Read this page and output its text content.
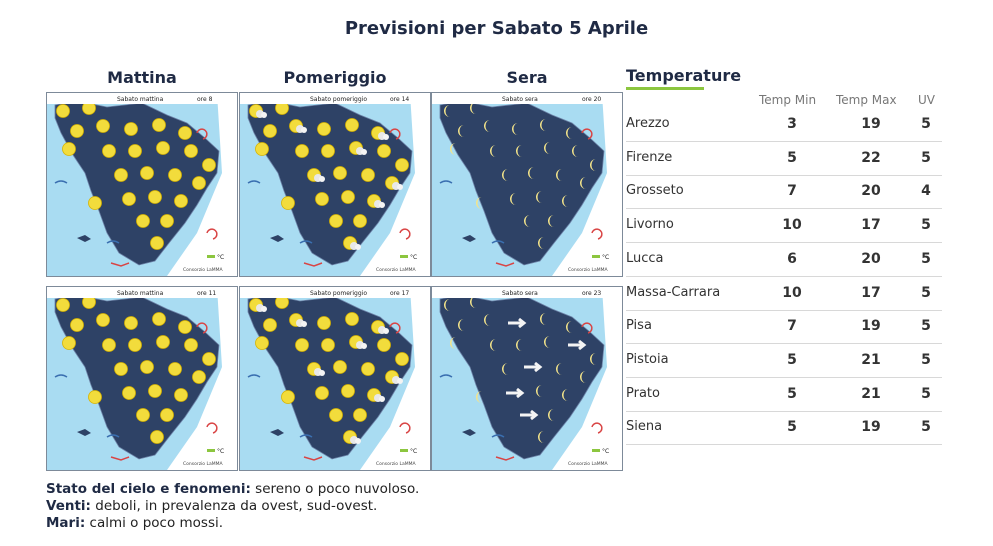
Previsioni per Sabato 5 Aprile
Mattina	Pomeriggio	Sera
Sabato mattina	ore 8
°C
Consorzio LaMMA
Sabato pomeriggio	ore 14
°C
Consorzio LaMMA
Sabato sera	ore 20
°C
Consorzio LaMMA
Sabato mattina	ore 11
°C
Consorzio LaMMA
Sabato pomeriggio	ore 17
°C
Consorzio LaMMA
Sabato sera	ore 23
°C
Consorzio LaMMA
Temperature
Temp Min Temp Max UV
Arezzo	3	19	5
Firenze	5	22	5
Grosseto	7	20	4
Livorno	10	17	5
Lucca	6	20	5
Massa-Carrara	10	17	5
Pisa	7	19	5
Pistoia	5	21	5
Prato	5	21	5
Siena	5	19	5
Stato del cielo e fenomeni: sereno o poco nuvoloso.
Venti: deboli, in prevalenza da ovest, sud-ovest.
Mari: calmi o poco mossi.
